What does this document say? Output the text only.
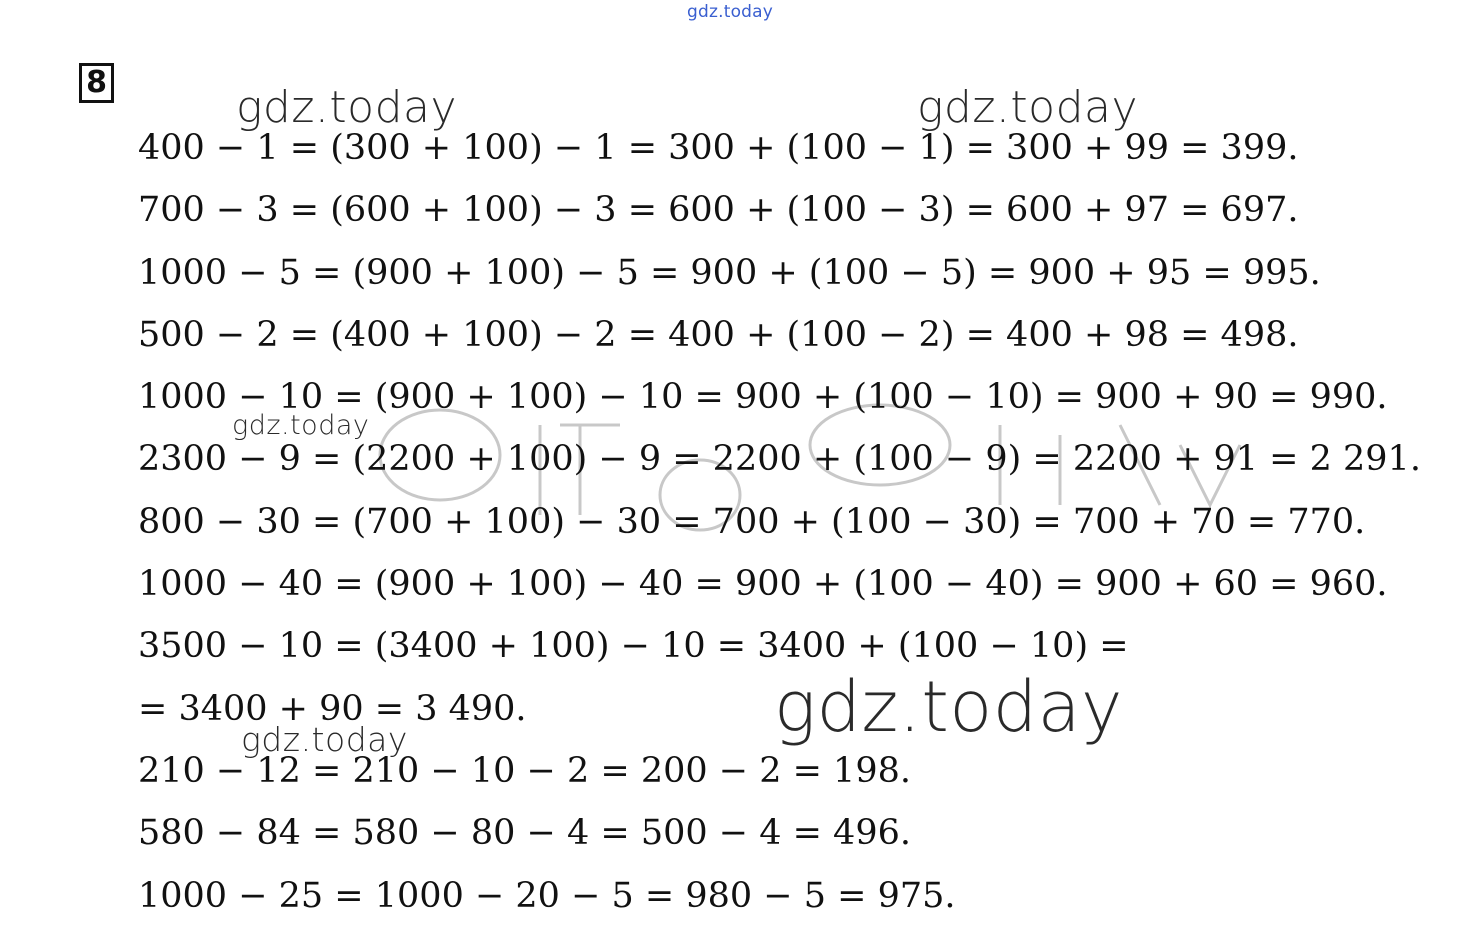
gdz.today
8	gdz.today	gdz.today
400 − 1 = (300 + 100) − 1 = 300 + (100 − 1) = 300 + 99 = 399.
700 − 3 = (600 + 100) − 3 = 600 + (100 − 3) = 600 + 97 = 697.
1000 − 5 = (900 + 100) − 5 = 900 + (100 − 5) = 900 + 95 = 995.
500 − 2 = (400 + 100) − 2 = 400 + (100 − 2) = 400 + 98 = 498.
1000 − 10 = (900 + 100) − 10 = 900 + (100 − 10) = 900 + 90 = 990.
2300 − 9 = (2200 + 100) − 9 = 2200 + (100 − 9) = 2200 + 91 = 2 291.
800 − 30 = (700 + 100) − 30 = 700 + (100 − 30) = 700 + 70 = 770.
1000 − 40 = (900 + 100) − 40 = 900 + (100 − 40) = 900 + 60 = 960.
3500 − 10 = (3400 + 100) − 10 = 3400 + (100 − 10) =
= 3400 + 90 = 3 490.
210 − 12 = 210 − 10 − 2 = 200 − 2 = 198.
580 − 84 = 580 − 80 − 4 = 500 − 4 = 496.
1000 − 25 = 1000 − 20 − 5 = 980 − 5 = 975.
gdz.today
gdz.today
gdz.today
